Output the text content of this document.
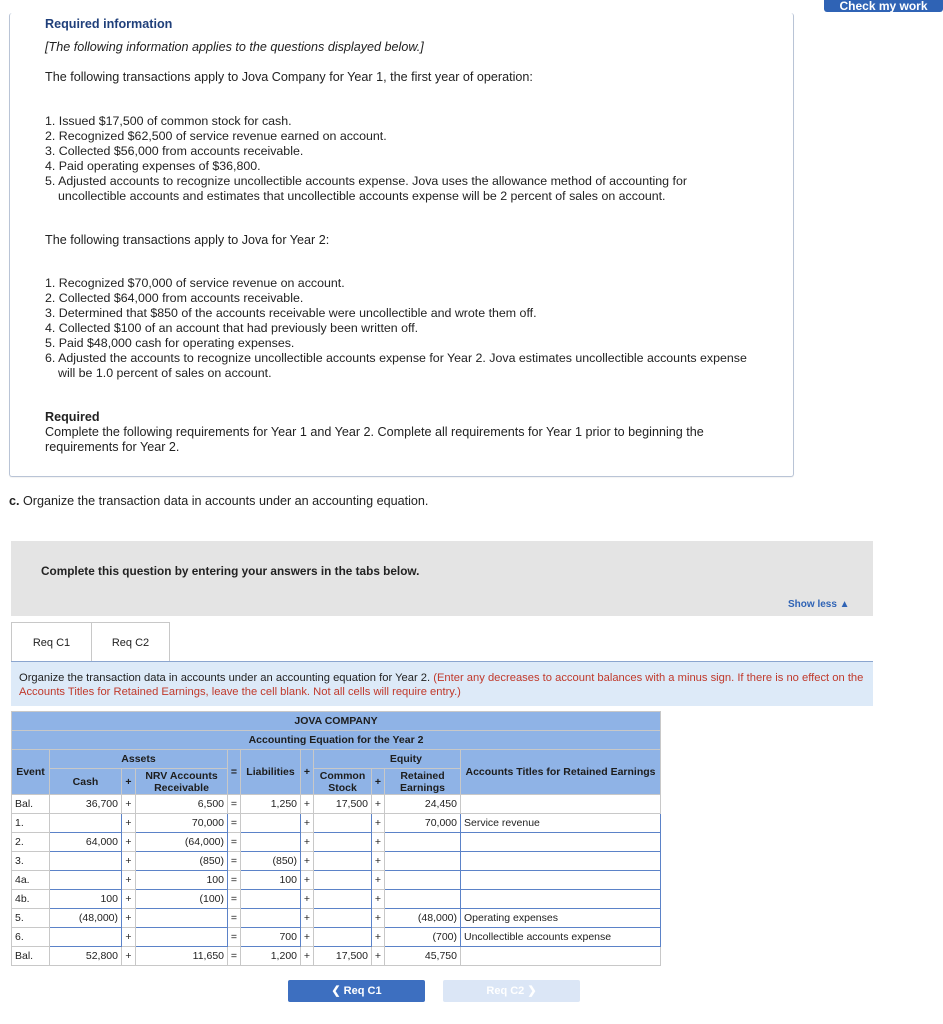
Check my work
Required information
[The following information applies to the questions displayed below.]
The following transactions apply to Jova Company for Year 1, the first year of operation:
1. Issued $17,500 of common stock for cash.
2. Recognized $62,500 of service revenue earned on account.
3. Collected $56,000 from accounts receivable.
4. Paid operating expenses of $36,800.
5. Adjusted accounts to recognize uncollectible accounts expense. Jova uses the allowance method of accounting for uncollectible accounts and estimates that uncollectible accounts expense will be 2 percent of sales on account.
The following transactions apply to Jova for Year 2:
1. Recognized $70,000 of service revenue on account.
2. Collected $64,000 from accounts receivable.
3. Determined that $850 of the accounts receivable were uncollectible and wrote them off.
4. Collected $100 of an account that had previously been written off.
5. Paid $48,000 cash for operating expenses.
6. Adjusted the accounts to recognize uncollectible accounts expense for Year 2. Jova estimates uncollectible accounts expense will be 1.0 percent of sales on account.
Required
Complete the following requirements for Year 1 and Year 2. Complete all requirements for Year 1 prior to beginning the requirements for Year 2.
c. Organize the transaction data in accounts under an accounting equation.
Complete this question by entering your answers in the tabs below.
Show less ▲
Req C1	Req C2

Organize the transaction data in accounts under an accounting equation for Year 2. (Enter any decreases to account balances with a minus sign. If there is no effect on the Accounts Titles for Retained Earnings, leave the cell blank. Not all cells will require entry.)

JOVA COMPANY										
Accounting Equation for the Year 2										
Event	Assets			=	Liabilities	+	Equity			Accounts Titles for Retained Earnings
	Cash	+	NRV Accounts Receivable				Common Stock	+	Retained Earnings	

Bal.	36,700	+	6,500	=	1,250	+	17,500	+	24,450	
1.		+	70,000	=		+		+	70,000	Service revenue
2.	64,000	+	(64,000)	=		+		+		
3.		+	(850)	=	(850)	+		+		
4a.		+	100	=	100	+		+		
4b.	100	+	(100)	=		+		+		
5.	(48,000)	+		=		+		+	(48,000)	Operating expenses
6.		+		=	700	+		+	(700)	Uncollectible accounts expense
Bal.	52,800	+	11,650	=	1,200	+	17,500	+	45,750	
❮ Req C1	Req C2 ❯
